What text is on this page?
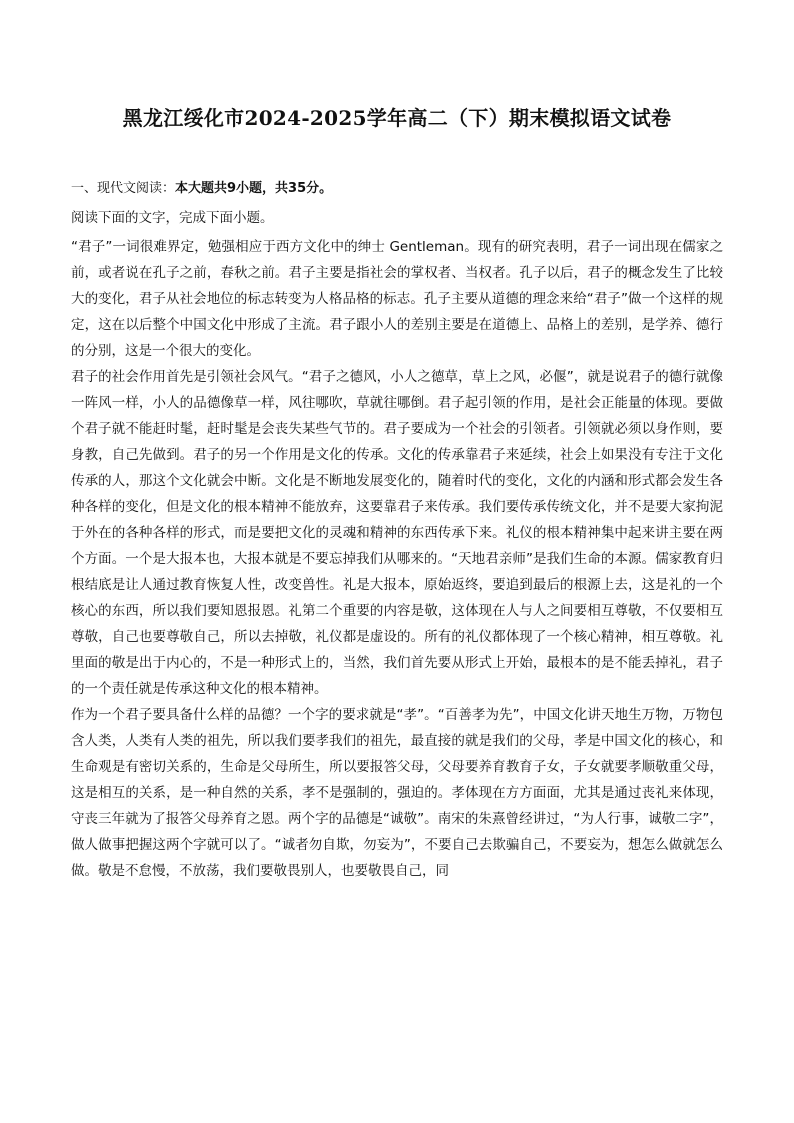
黑龙江绥化市2024-2025学年高二（下）期末模拟语文试卷
一、现代文阅读：本大题共9小题，共35分。
阅读下面的文字，完成下面小题。

“君子”一词很难界定，勉强相应于西方文化中的绅士 Gentleman。现有的研究表明，君子一词出现在儒家之前，或者说在孔子之前，春秋之前。君子主要是指社会的掌权者、当权者。孔子以后，君子的概念发生了比较大的变化，君子从社会地位的标志转变为人格品格的标志。孔子主要从道德的理念来给“君子”做一个这样的规定，这在以后整个中国文化中形成了主流。君子跟小人的差别主要是在道德上、品格上的差别，是学养、德行的分别，这是一个很大的变化。

君子的社会作用首先是引领社会风气。“君子之德风，小人之德草，草上之风，必偃”，就是说君子的德行就像一阵风一样，小人的品德像草一样，风往哪吹，草就往哪倒。君子起引领的作用，是社会正能量的体现。要做个君子就不能赶时髦，赶时髦是会丧失某些气节的。君子要成为一个社会的引领者。引领就必须以身作则，要身教，自己先做到。君子的另一个作用是文化的传承。文化的传承靠君子来延续，社会上如果没有专注于文化传承的人，那这个文化就会中断。文化是不断地发展变化的，随着时代的变化，文化的内涵和形式都会发生各种各样的变化，但是文化的根本精神不能放弃，这要靠君子来传承。我们要传承传统文化，并不是要大家拘泥于外在的各种各样的形式，而是要把文化的灵魂和精神的东西传承下来。礼仪的根本精神集中起来讲主要在两个方面。一个是大报本也，大报本就是不要忘掉我们从哪来的。“天地君亲师”是我们生命的本源。儒家教育归根结底是让人通过教育恢复人性，改变兽性。礼是大报本，原始返终，要追到最后的根源上去，这是礼的一个核心的东西，所以我们要知恩报恩。礼第二个重要的内容是敬，这体现在人与人之间要相互尊敬，不仅要相互尊敬，自己也要尊敬自己，所以去掉敬，礼仪都是虚设的。所有的礼仪都体现了一个核心精神，相互尊敬。礼里面的敬是出于内心的，不是一种形式上的，当然，我们首先要从形式上开始，最根本的是不能丢掉礼，君子的一个责任就是传承这种文化的根本精神。

作为一个君子要具备什么样的品德？一个字的要求就是“孝”。“百善孝为先”，中国文化讲天地生万物，万物包含人类，人类有人类的祖先，所以我们要孝我们的祖先，最直接的就是我们的父母，孝是中国文化的核心，和生命观是有密切关系的，生命是父母所生，所以要报答父母，父母要养育教育子女，子女就要孝顺敬重父母，这是相互的关系，是一种自然的关系，孝不是强制的，强迫的。孝体现在方方面面，尤其是通过丧礼来体现，守丧三年就为了报答父母养育之恩。两个字的品德是“诚敬”。南宋的朱熹曾经讲过，“为人行事，诚敬二字”，做人做事把握这两个字就可以了。“诚者勿自欺，勿妄为”，不要自己去欺骗自己，不要妄为，想怎么做就怎么做。敬是不怠慢，不放荡，我们要敬畏别人，也要敬畏自己，同
